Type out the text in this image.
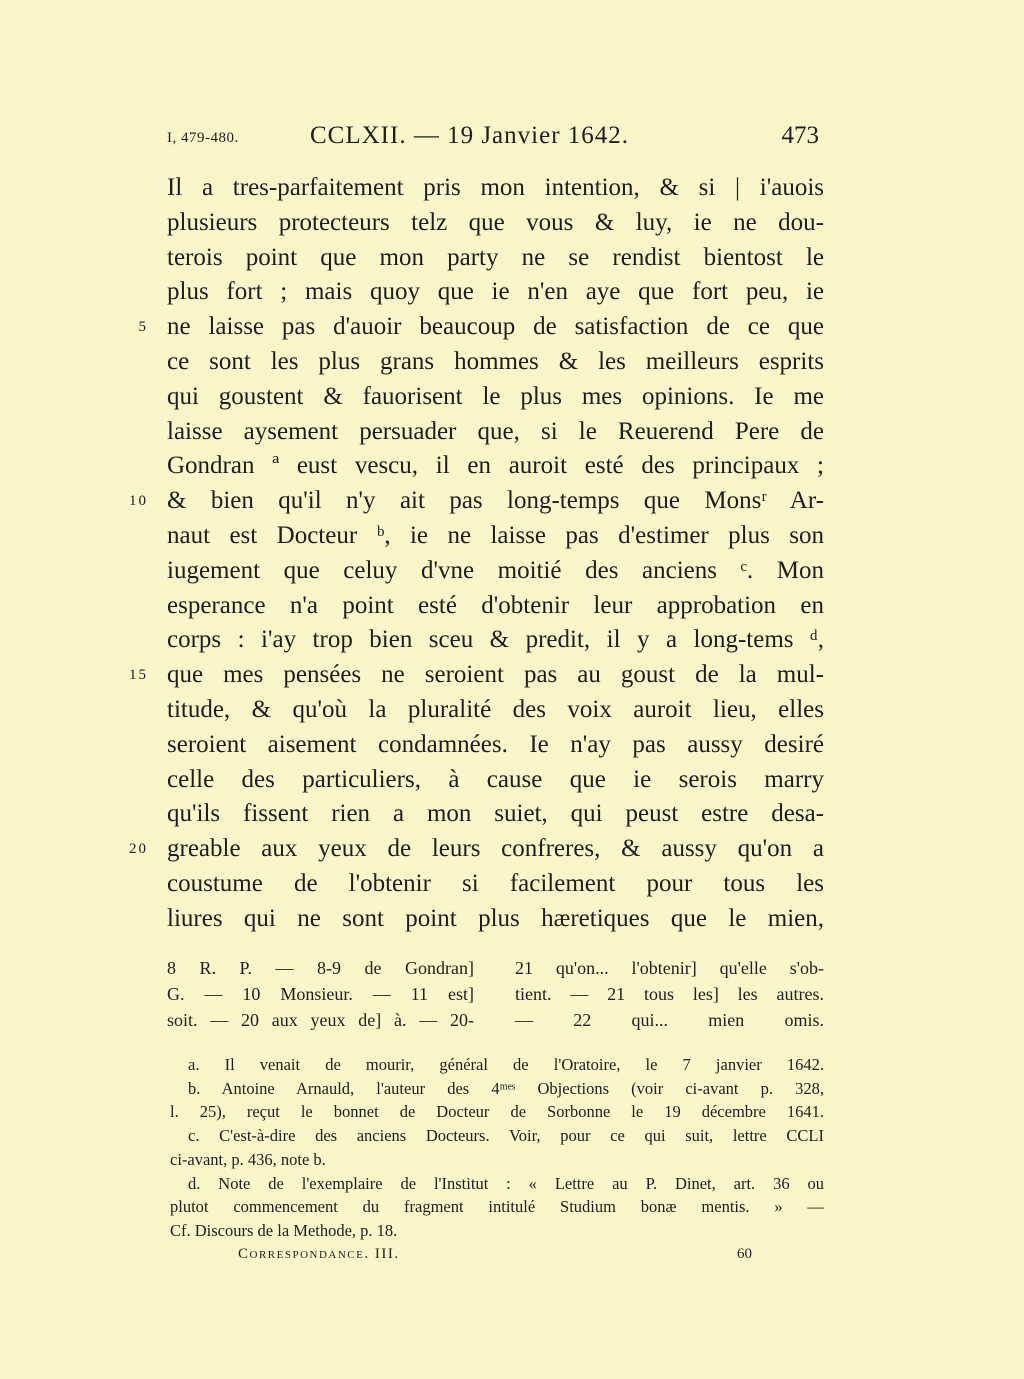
I, 479-480.	CCLXII. — 19 Janvier 1642.	473
Il a tres-parfaitement pris mon intention, & si | i'auois
plusieurs protecteurs telz que vous & luy, ie ne dou-
terois point que mon party ne se rendist bientost le
plus fort ; mais quoy que ie n'en aye que fort peu, ie
ne laisse pas d'auoir beaucoup de satisfaction de ce que
5
ce sont les plus grans hommes & les meilleurs esprits
qui goustent & fauorisent le plus mes opinions. Ie me
laisse aysement persuader que, si le Reuerend Pere de
Gondran ª eust vescu, il en auroit esté des principaux ;
& bien qu'il n'y ait pas long-temps que Monsʳ Ar-
10
naut est Docteur ᵇ, ie ne laisse pas d'estimer plus son
iugement que celuy d'vne moitié des anciens ᶜ. Mon
esperance n'a point esté d'obtenir leur approbation en
corps : i'ay trop bien sceu & predit, il y a long-tems ᵈ,
que mes pensées ne seroient pas au goust de la mul-
15
titude, & qu'où la pluralité des voix auroit lieu, elles
seroient aisement condamnées. Ie n'ay pas aussy desiré
celle des particuliers, à cause que ie serois marry
qu'ils fissent rien a mon suiet, qui peust estre desa-
greable aux yeux de leurs confreres, & aussy qu'on a
20
coustume de l'obtenir si facilement pour tous les
liures qui ne sont point plus hæretiques que le mien,
8 R. P. — 8-9 de Gondran]
G. — 10 Monsieur. — 11 est]
soit. — 20 aux yeux de] à. — 20-
21 qu'on... l'obtenir] qu'elle s'ob-
tient. — 21 tous les] les autres.
— 22 qui... mien omis.
a. Il venait de mourir, général de l'Oratoire, le 7 janvier 1642.
b. Antoine Arnauld, l'auteur des 4ᵐᵉˢ Objections (voir ci-avant p. 328,
l. 25), reçut le bonnet de Docteur de Sorbonne le 19 décembre 1641.
c. C'est-à-dire des anciens Docteurs. Voir, pour ce qui suit, lettre CCLI
ci-avant, p. 436, note b.
d. Note de l'exemplaire de l'Institut : « Lettre au P. Dinet, art. 36 ou
plutot commencement du fragment intitulé Studium bonæ mentis. » —
Cf. Discours de la Methode, p. 18.
Correspondance. III.	60
